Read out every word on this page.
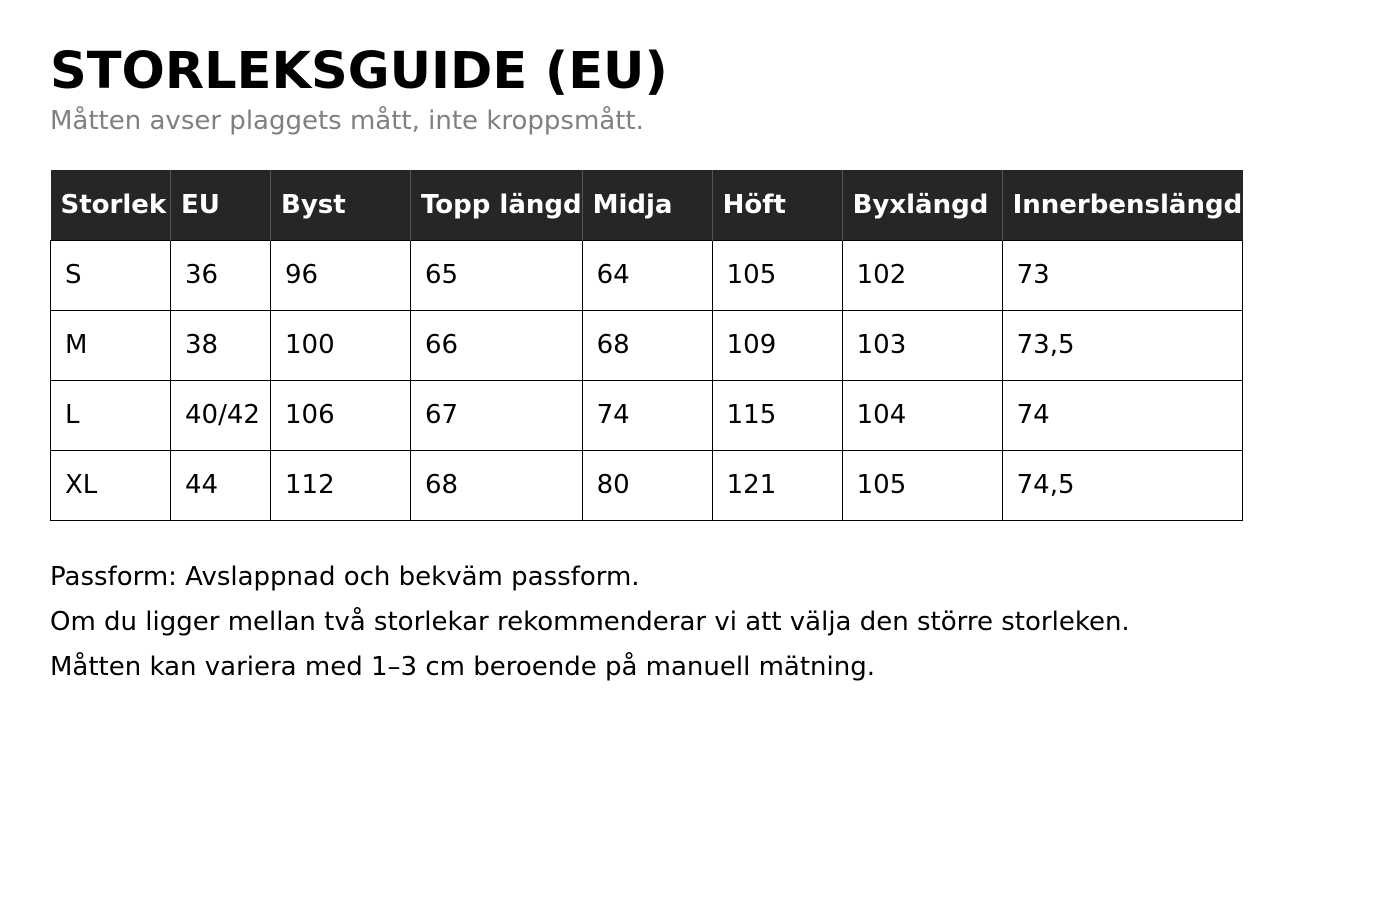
STORLEKSGUIDE (EU)

Måtten avser plaggets mått, inte kroppsmått.

Storlek	EU	Byst	Topp längd	Midja	Höft	Byxlängd	Innerbenslängd
S	36	96	65	64	105	102	73
M	38	100	66	68	109	103	73,5
L	40/42	106	67	74	115	104	74
XL	44	112	68	80	121	105	74,5

Passform: Avslappnad och bekväm passform.

Om du ligger mellan två storlekar rekommenderar vi att välja den större storleken.

Måtten kan variera med 1–3 cm beroende på manuell mätning.
